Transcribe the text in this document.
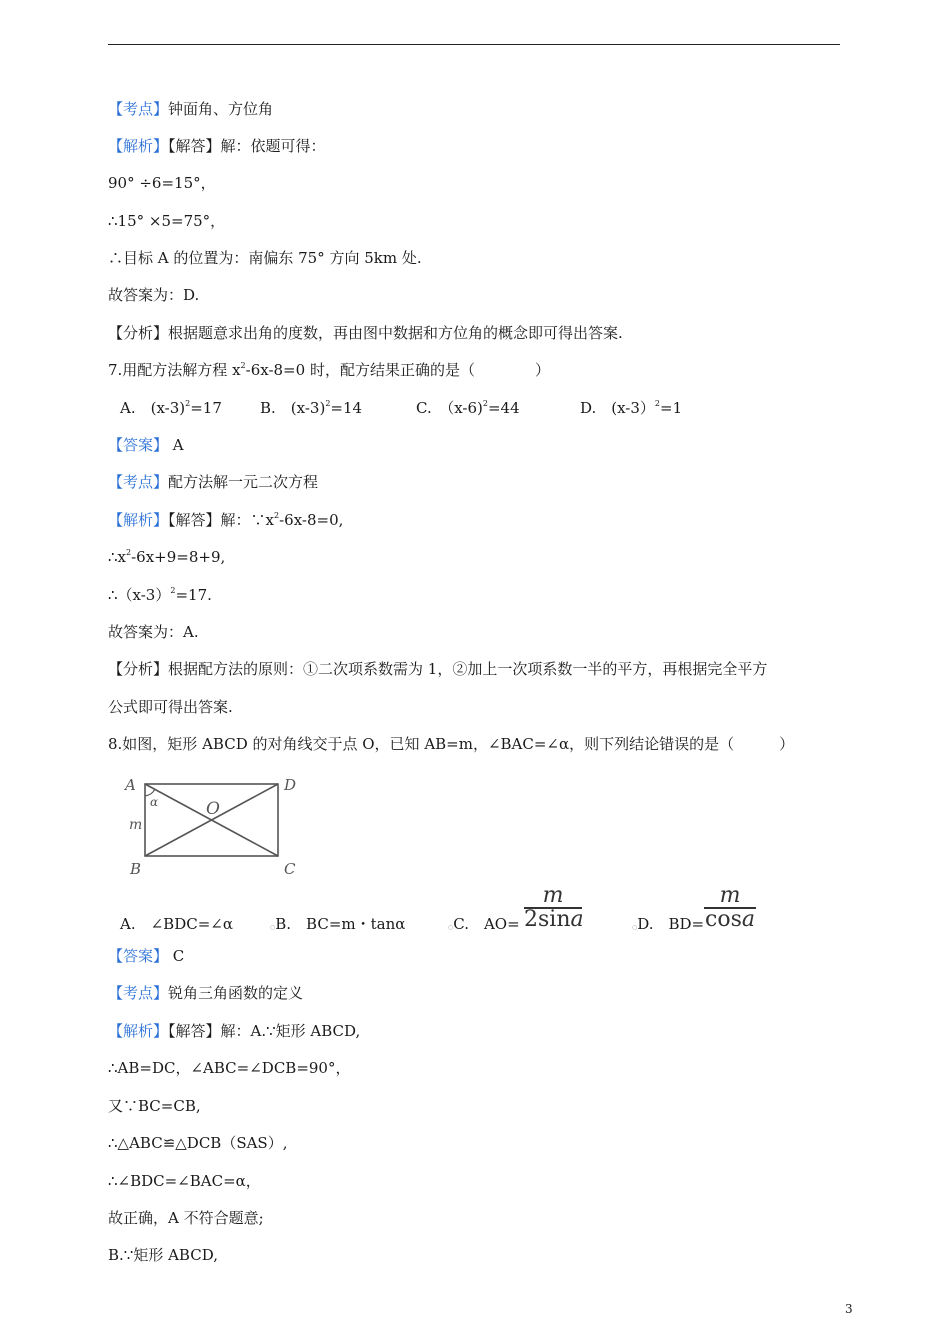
【考点】钟面角、方位角
【解析】【解答】解：依题可得：
90° ÷6=15°，
∴15° ×5=75°，
∴目标 A 的位置为：南偏东 75° 方向 5km 处.
故答案为：D.
【分析】根据题意求出角的度数，再由图中数据和方位角的概念即可得出答案.
7.用配方法解方程 $x^2-6x-8=0$ 时，配方结果正确的是（　　　　）
A.　$(x-3)^2=17$	B.　$(x-3)^2=14$	C.　（x-6)$^2$=44	D.　(x-3）$^2$=1
【答案】 A
【考点】配方法解一元二次方程
【解析】【解答】解：$\because x^2-6x-8=0$,
$\therefore x^2-6x+9=8+9$,
$\therefore(x-3)^2=17$.
故答案为：A.
【分析】根据配方法的原则：①二次项系数需为 1，②加上一次项系数一半的平方，再根据完全平方
公式即可得出答案.
8.如图，矩形 ABCD 的对角线交于点 O，已知 AB=m，∠BAC=∠α，则下列结论错误的是（　　　）
A	D
B	C
O
m
α
A.　∠BDC=∠α	○B.　BC=m・tanα	○C.　AO=
m
2sina	○D.　BD=
m
cosa
【答案】 C
【考点】锐角三角函数的定义
【解析】【解答】解：A.∵矩形 ABCD,
∴AB=DC，∠ABC=∠DCB=90°，
又∵BC=CB,
∴△ABC≌△DCB（SAS）,
∴∠BDC=∠BAC=α，
故正确，A 不符合题意;
B.∵矩形 ABCD,
3
